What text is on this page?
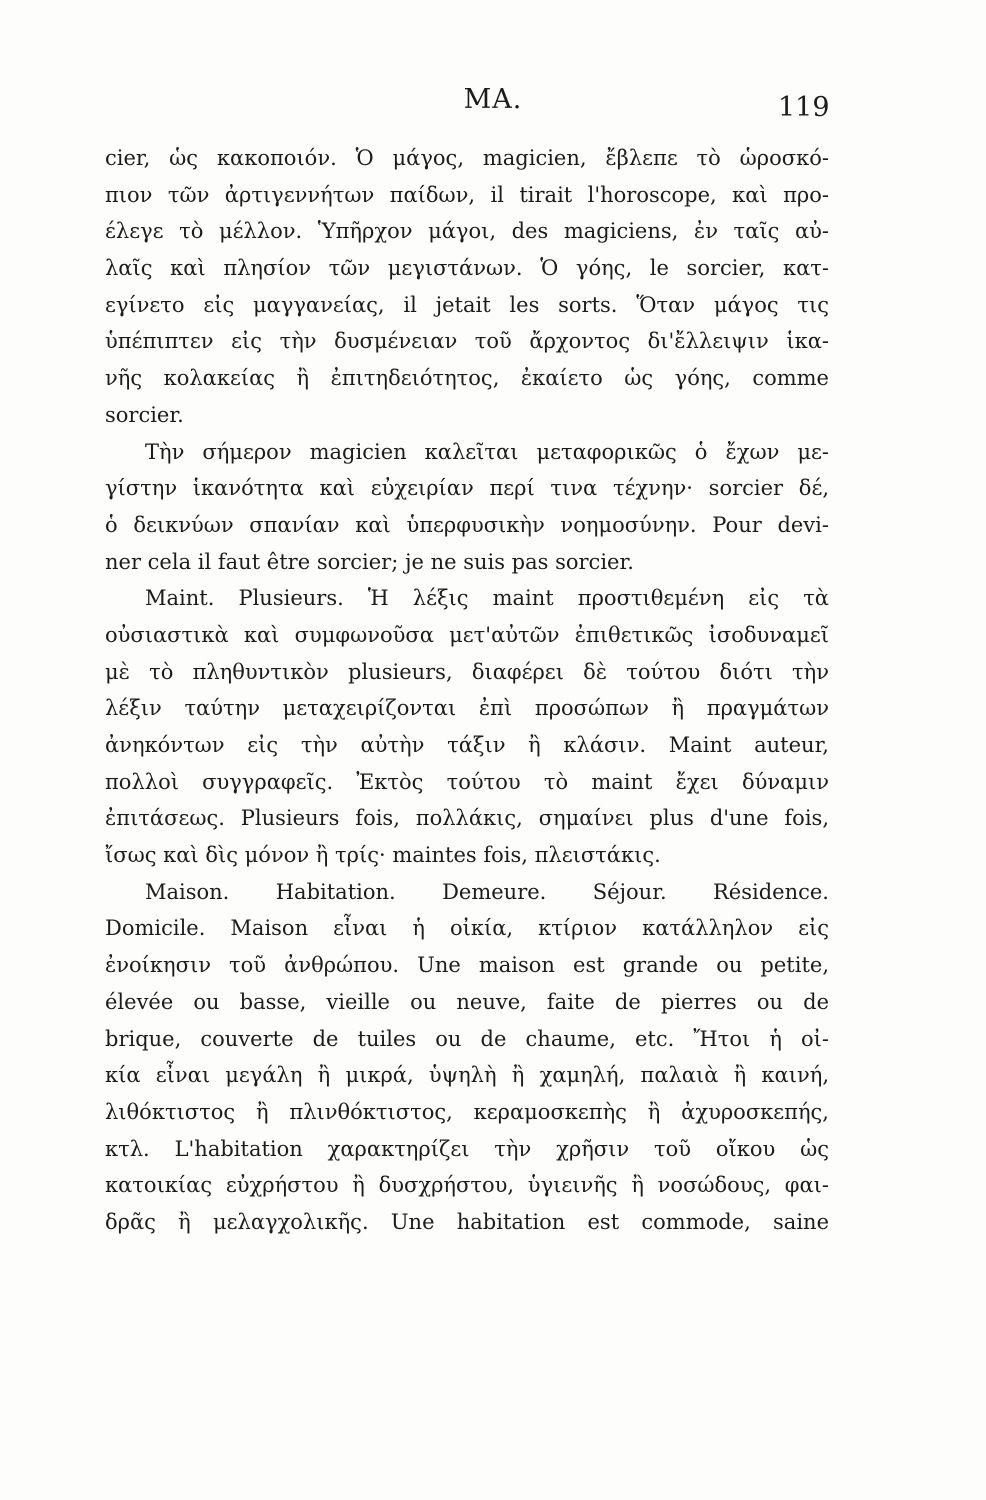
MA.	119
cier, ὡς κακοποιόν. Ὁ μάγος, magicien, ἔβλεπε τὸ ὡροσκό-
πιον τῶν ἀρτιγεννήτων παίδων, il tirait l'horoscope, καὶ προ-
έλεγε τὸ μέλλον. Ὑπῆρχον μάγοι, des magiciens, ἐν ταῖς αὐ-
λαῖς καὶ πλησίον τῶν μεγιστάνων. Ὁ γόης, le sorcier, κατ-
εγίνετο εἰς μαγγανείας, il jetait les sorts. Ὅταν μάγος τις
ὑπέπιπτεν εἰς τὴν δυσμένειαν τοῦ ἄρχοντος δι'ἔλλειψιν ἱκα-
νῆς κολακείας ἢ ἐπιτηδειότητος, ἐκαίετο ὡς γόης, comme
sorcier.
Τὴν σήμερον magicien καλεῖται μεταφορικῶς ὁ ἔχων με-
γίστην ἱκανότητα καὶ εὐχειρίαν περί τινα τέχνην· sorcier δέ,
ὁ δεικνύων σπανίαν καὶ ὑπερφυσικὴν νοημοσύνην. Pour devi-
ner cela il faut être sorcier; je ne suis pas sorcier.
Maint. Plusieurs. Ἡ λέξις maint προστιθεμένη εἰς τὰ
οὐσιαστικὰ καὶ συμφωνοῦσα μετ'αὐτῶν ἐπιθετικῶς ἰσοδυναμεῖ
μὲ τὸ πληθυντικὸν plusieurs, διαφέρει δὲ τούτου διότι τὴν
λέξιν ταύτην μεταχειρίζονται ἐπὶ προσώπων ἢ πραγμάτων
ἀνηκόντων εἰς τὴν αὐτὴν τάξιν ἢ κλάσιν. Maint auteur,
πολλοὶ συγγραφεῖς. Ἐκτὸς τούτου τὸ maint ἔχει δύναμιν
ἐπιτάσεως. Plusieurs fois, πολλάκις, σημαίνει plus d'une fois,
ἴσως καὶ δὶς μόνον ἢ τρίς· maintes fois, πλειστάκις.
Maison. Habitation. Demeure. Séjour. Résidence.
Domicile. Maison εἶναι ἡ οἰκία, κτίριον κατάλληλον εἰς
ἐνοίκησιν τοῦ ἀνθρώπου. Une maison est grande ou petite,
élevée ou basse, vieille ou neuve, faite de pierres ou de
brique, couverte de tuiles ou de chaume, etc. Ἤτοι ἡ οἰ-
κία εἶναι μεγάλη ἢ μικρά, ὑψηλὴ ἢ χαμηλή, παλαιὰ ἢ καινή,
λιθόκτιστος ἢ πλινθόκτιστος, κεραμοσκεπὴς ἢ ἀχυροσκεπής,
κτλ. L'habitation χαρακτηρίζει τὴν χρῆσιν τοῦ οἴκου ὡς
κατοικίας εὐχρήστου ἢ δυσχρήστου, ὑγιεινῆς ἢ νοσώδους, φαι-
δρᾶς ἢ μελαγχολικῆς. Une habitation est commode, saine
